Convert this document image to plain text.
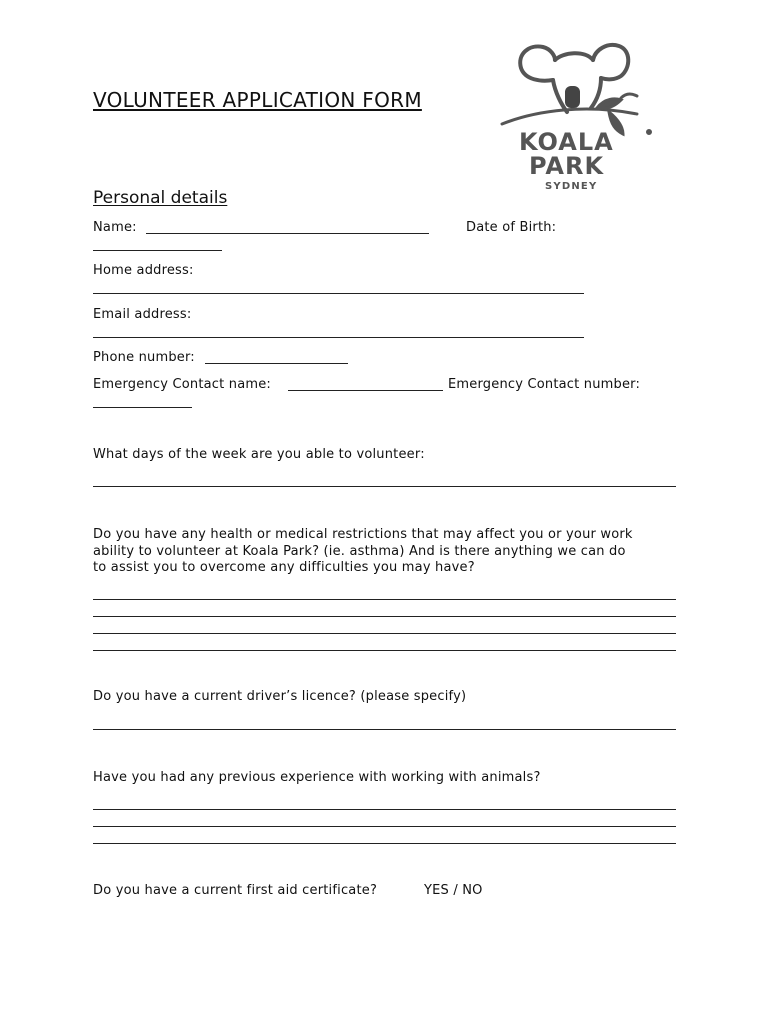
VOLUNTEER APPLICATION FORM
KOALA
PARK
SYDNEY
Personal details
Name:	Date of Birth:
Home address:
Email address:
Phone number:
Emergency Contact name:	Emergency Contact number:
What days of the week are you able to volunteer:
Do you have any health or medical restrictions that may affect you or your work
ability to volunteer at Koala Park? (ie. asthma) And is there anything we can do
to assist you to overcome any difficulties you may have?
Do you have a current driver’s licence? (please specify)
Have you had any previous experience with working with animals?
Do you have a current first aid certificate?	YES / NO
